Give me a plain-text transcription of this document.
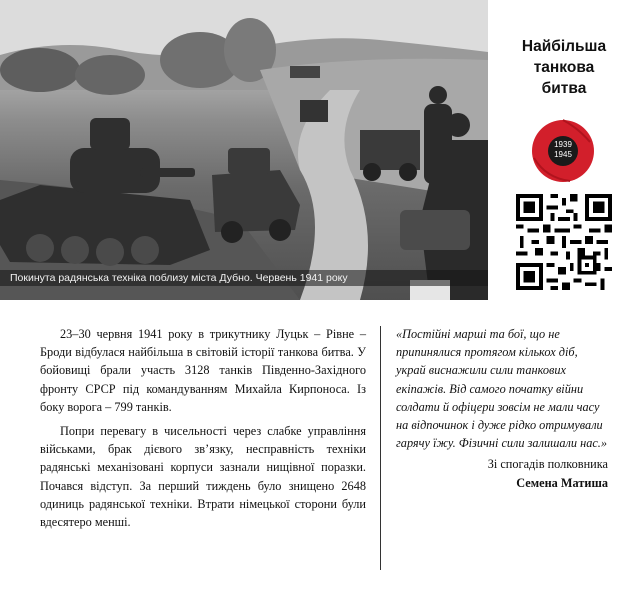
Покинута радянська техніка поблизу міста Дубно. Червень 1941 року
Найбільша
танкова
битва
1939
1945

23–30 червня 1941 року в трикутнику Луцьк – Рівне – Броди відбулася найбільша в світовій історії танкова битва. У бойовищі брали участь 3128 танків Південно-Західного фронту СРСР під командуванням Михайла Кирпоноса. Із боку ворога – 799 танків.

Попри перевагу в чисельності через слабке управління військами, брак дієвого зв’язку, несправність техніки радянські механізовані корпуси зазнали нищівної поразки. Почався відступ. За перший тиждень було знищено 2648 одиниць радянської техніки. Втрати німецької сторони були вдесятеро менші.

«Постійні марші та бої, що не припинялися протягом кількох діб, украй виснажили сили танкових екіпажів. Від самого початку війни солдати й офіцери зовсім не мали часу на відпочинок і дуже рідко отримували гарячу їжу. Фізичні сили залишали нас.»

Зі спогадів полковника
Семена Матиша
